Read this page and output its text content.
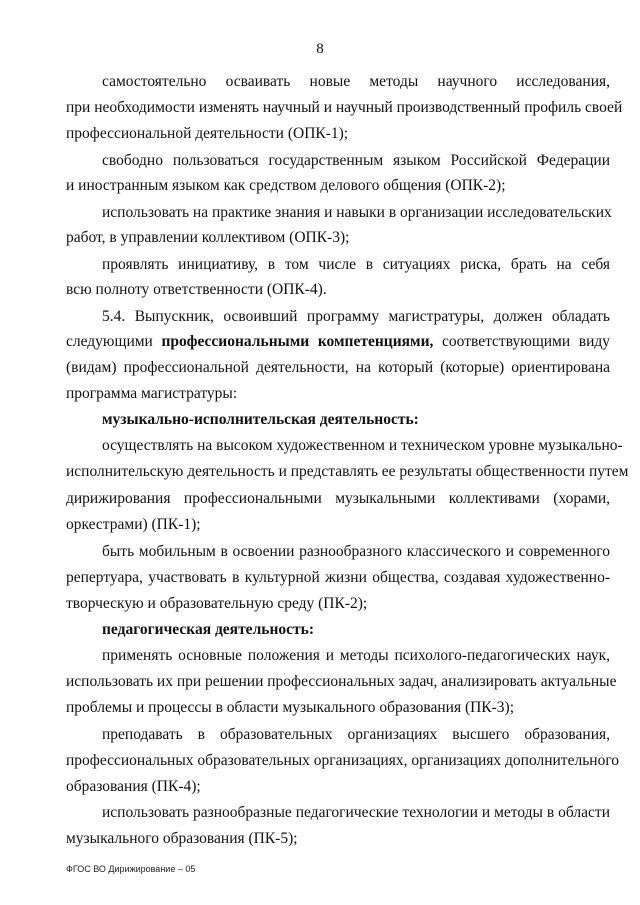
8
самостоятельно осваивать новые методы научного исследования,
при необходимости изменять научный и научный производственный профиль своей
профессиональной деятельности (ОПК-1);
свободно пользоваться государственным языком Российской Федерации
и иностранным языком как средством делового общения (ОПК-2);
использовать на практике знания и навыки в организации исследовательских
работ, в управлении коллективом (ОПК-3);
проявлять инициативу, в том числе в ситуациях риска, брать на себя
всю полноту ответственности (ОПК-4).
5.4. Выпускник, освоивший программу магистратуры, должен обладать
следующими профессиональными компетенциями, соответствующими виду
(видам) профессиональной деятельности, на который (которые) ориентирована
программа магистратуры:
музыкально-исполнительская деятельность:
осуществлять на высоком художественном и техническом уровне музыкально-
исполнительскую деятельность и представлять ее результаты общественности путем
дирижирования профессиональными музыкальными коллективами (хорами,
оркестрами) (ПК-1);
быть мобильным в освоении разнообразного классического и современного
репертуара, участвовать в культурной жизни общества, создавая художественно-
творческую и образовательную среду (ПК-2);
педагогическая деятельность:
применять основные положения и методы психолого-педагогических наук,
использовать их при решении профессиональных задач, анализировать актуальные
проблемы и процессы в области музыкального образования (ПК-3);
преподавать в образовательных организациях высшего образования,
профессиональных образовательных организациях, организациях дополнительного
образования (ПК-4);
использовать разнообразные педагогические технологии и методы в области
музыкального образования (ПК-5);
ФГОС ВО Дирижирование – 05
